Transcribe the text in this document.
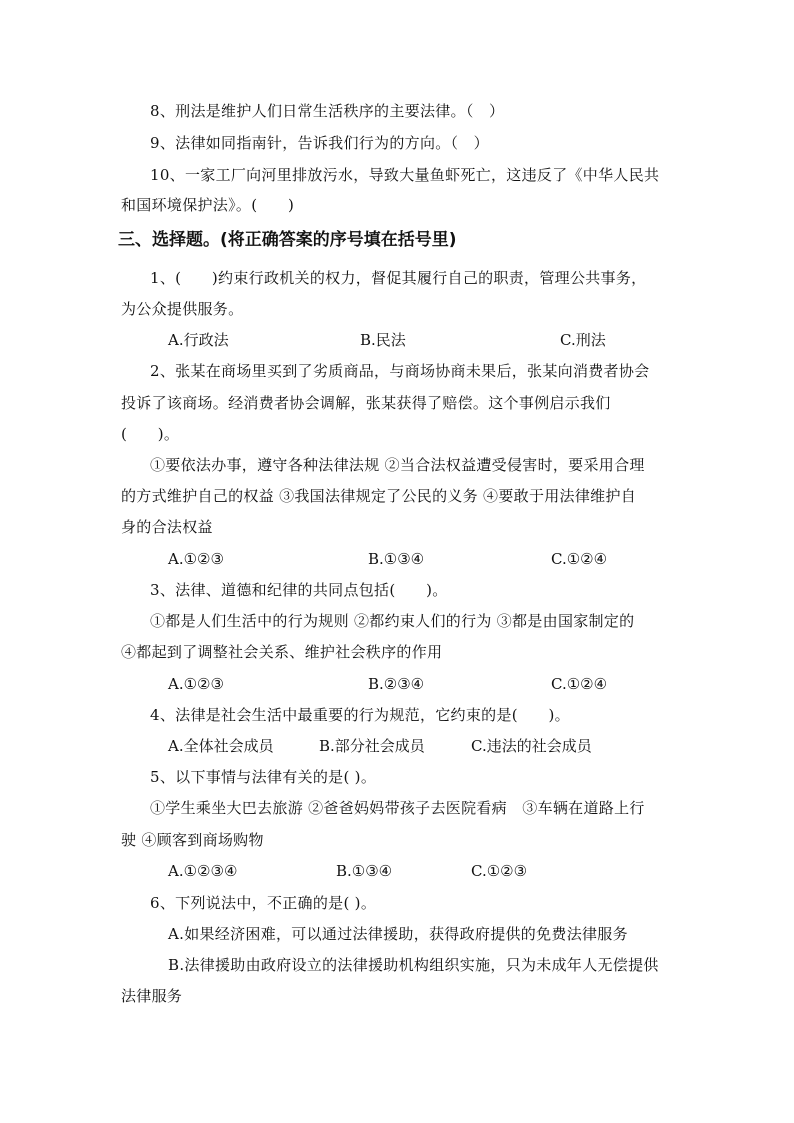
8、刑法是维护人们日常生活秩序的主要法律。（　）
9、法律如同指南针，告诉我们行为的方向。（　）
10、一家工厂向河里排放污水，导致大量鱼虾死亡，这违反了《中华人民共
和国环境保护法》。(　　)
三、选择题。(将正确答案的序号填在括号里)
1、(　　)约束行政机关的权力，督促其履行自己的职责，管理公共事务，
为公众提供服务。
A.行政法	B.民法	C.刑法
2、张某在商场里买到了劣质商品，与商场协商未果后，张某向消费者协会
投诉了该商场。经消费者协会调解，张某获得了赔偿。这个事例启示我们
(　　)。
①要依法办事，遵守各种法律法规 ②当合法权益遭受侵害时，要采用合理
的方式维护自己的权益 ③我国法律规定了公民的义务 ④要敢于用法律维护自
身的合法权益
A.①②③	B.①③④	C.①②④
3、法律、道德和纪律的共同点包括(　　)。
①都是人们生活中的行为规则 ②都约束人们的行为 ③都是由国家制定的
④都起到了调整社会关系、维护社会秩序的作用
A.①②③	B.②③④	C.①②④
4、法律是社会生活中最重要的行为规范，它约束的是(　　)。
A.全体社会成员	B.部分社会成员	C.违法的社会成员
5、以下事情与法律有关的是( )。
①学生乘坐大巴去旅游 ②爸爸妈妈带孩子去医院看病　③车辆在道路上行
驶 ④顾客到商场购物
A.①②③④	B.①③④	C.①②③
6、下列说法中，不正确的是( )。
A.如果经济困难，可以通过法律援助，获得政府提供的免费法律服务
B.法律援助由政府设立的法律援助机构组织实施，只为未成年人无偿提供
法律服务
